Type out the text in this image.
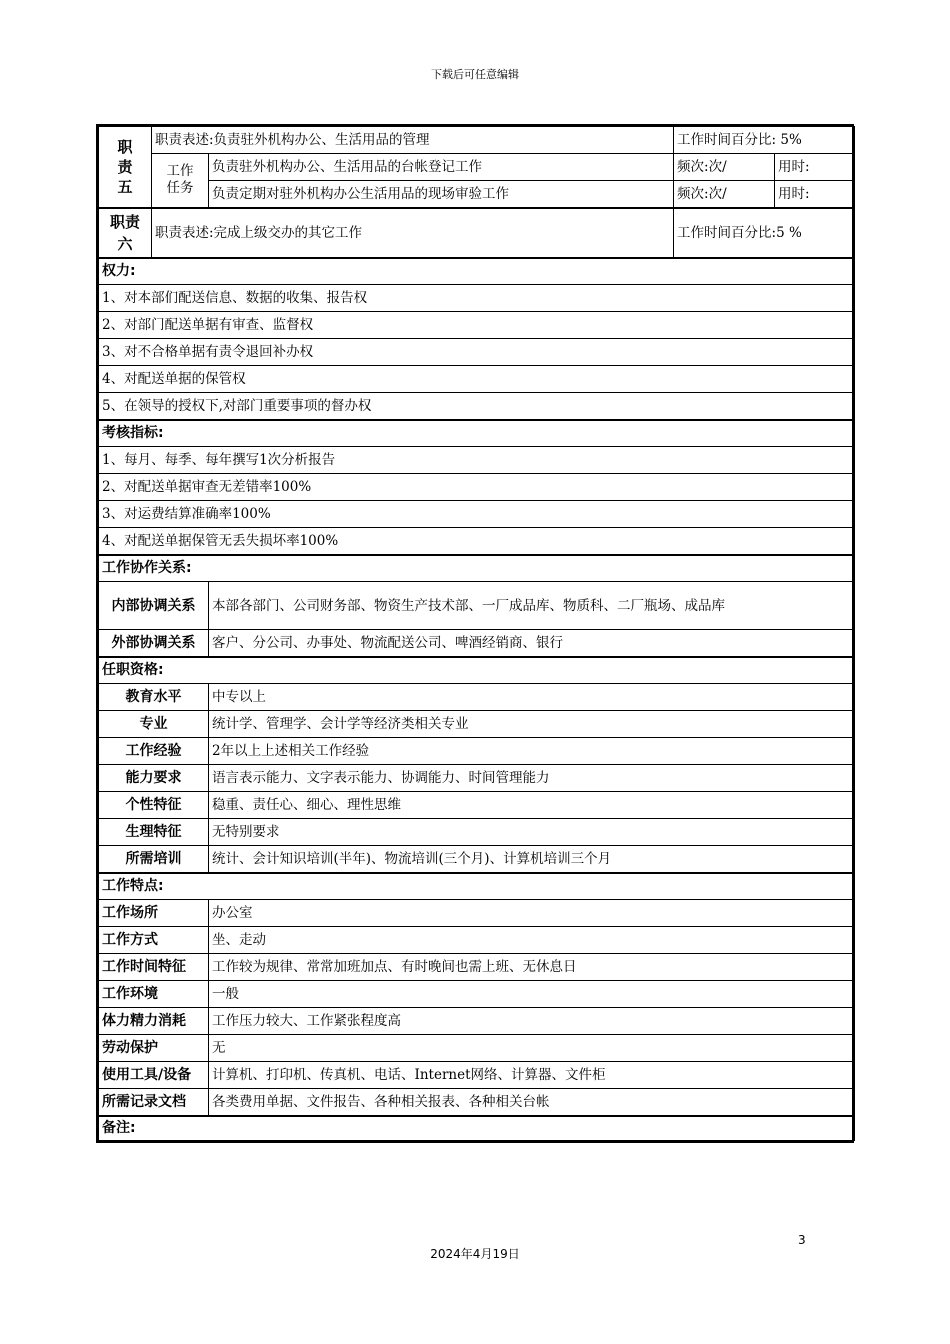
下载后可任意编辑
职责五	职责表述:负责驻外机构办公、生活用品的管理		工作时间百分比: 5%	
	工作任务	负责驻外机构办公、生活用品的台帐登记工作	频次:次/	用时:
		负责定期对驻外机构办公生活用品的现场审验工作	频次:次/	用时:
职责六	职责表述:完成上级交办的其它工作		工作时间百分比:5 %	
权力:				
1、对本部们配送信息、数据的收集、报告权				
2、对部门配送单据有审查、监督权				
3、对不合格单据有责令退回补办权				
4、对配送单据的保管权				
5、在领导的授权下,对部门重要事项的督办权				
考核指标:				
1、每月、每季、每年撰写1次分析报告				
2、对配送单据审查无差错率100%				
3、对运费结算准确率100%				
4、对配送单据保管无丢失损坏率100%				
工作协作关系:				
内部协调关系		本部各部门、公司财务部、物资生产技术部、一厂成品库、物质科、二厂瓶场、成品库		
外部协调关系		客户、分公司、办事处、物流配送公司、啤酒经销商、银行		
任职资格:				
教育水平		中专以上		
专业		统计学、管理学、会计学等经济类相关专业		
工作经验		2年以上上述相关工作经验		
能力要求		语言表示能力、文字表示能力、协调能力、时间管理能力		
个性特征		稳重、责任心、细心、理性思维		
生理特征		无特别要求		
所需培训		统计、会计知识培训(半年)、物流培训(三个月)、计算机培训三个月		
工作特点:				
工作场所		办公室		
工作方式		坐、走动		
工作时间特征		工作较为规律、常常加班加点、有时晚间也需上班、无休息日		
工作环境		一般		
体力精力消耗		工作压力较大、工作紧张程度高		
劳动保护		无		
使用工具/设备		计算机、打印机、传真机、电话、Internet网络、计算器、文件柜		
所需记录文档		各类费用单据、文件报告、各种相关报表、各种相关台帐		
备注:				
3
2024年4月19日
